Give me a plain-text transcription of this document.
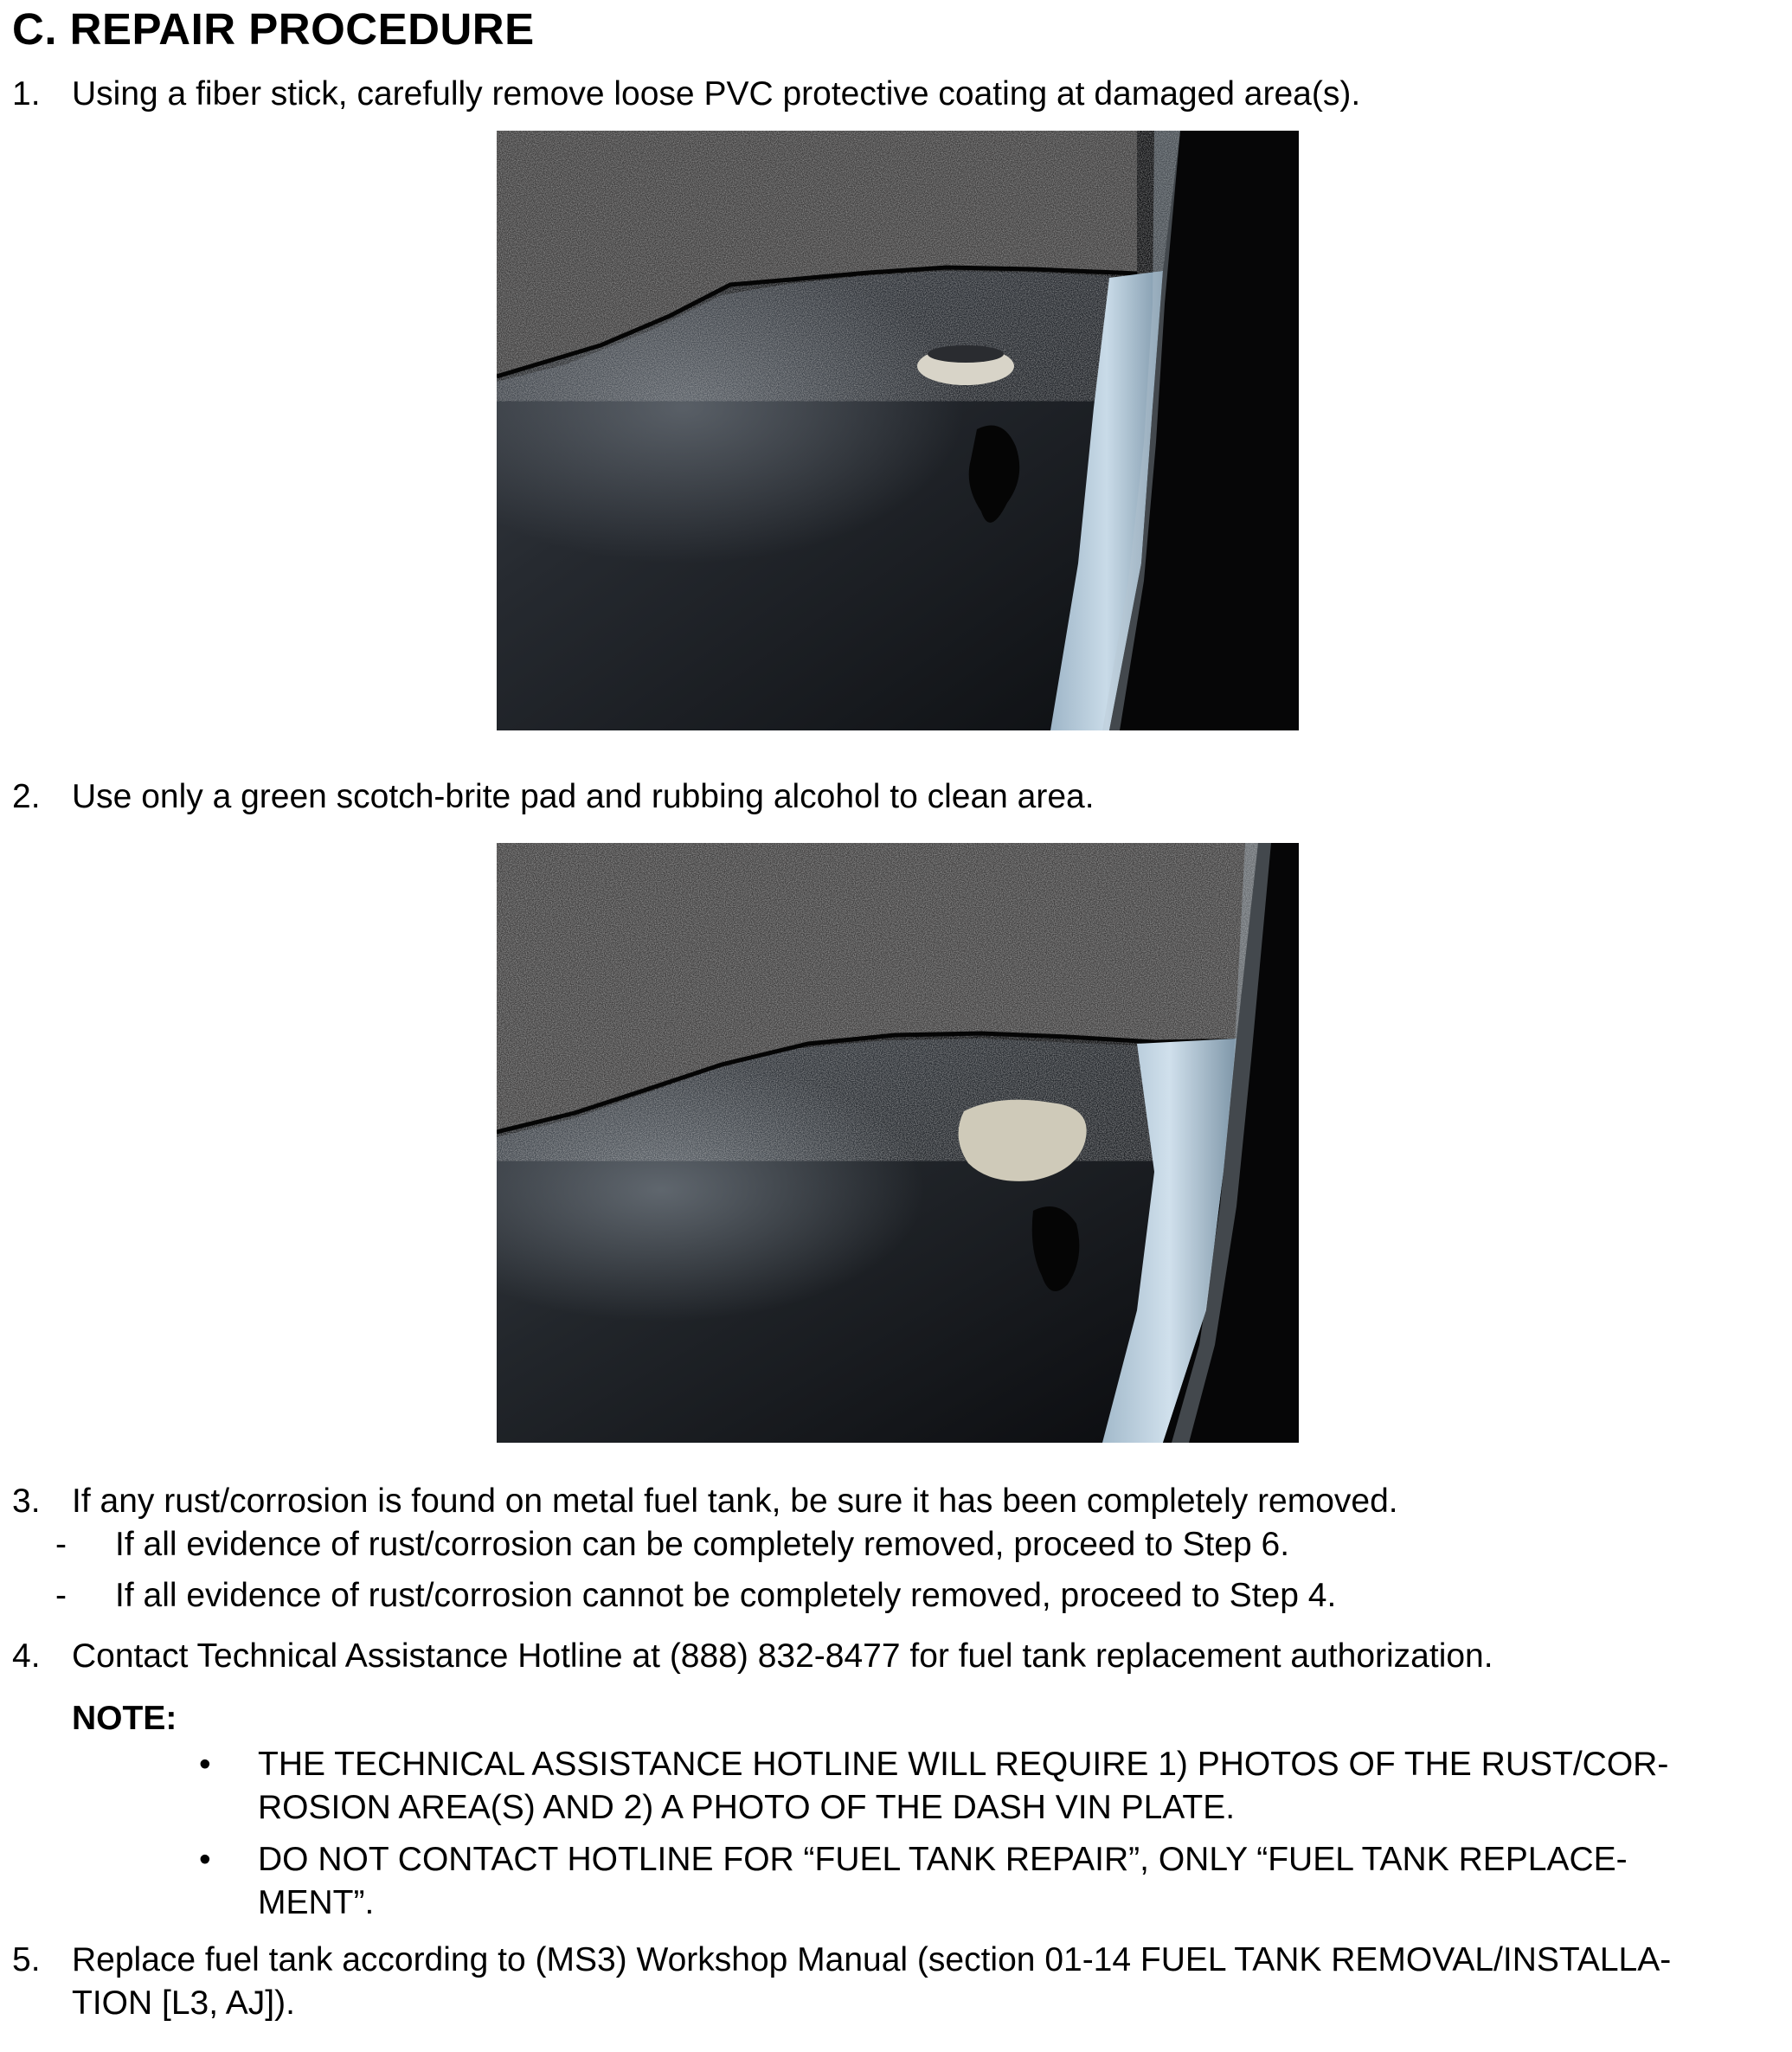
C. REPAIR PROCEDURE
1. Using a fiber stick, carefully remove loose PVC protective coating at damaged area(s).
2. Use only a green scotch-brite pad and rubbing alcohol to clean area.
3. If any rust/corrosion is found on metal fuel tank, be sure it has been completely removed.
- If all evidence of rust/corrosion can be completely removed, proceed to Step 6.
- If all evidence of rust/corrosion cannot be completely removed, proceed to Step 4.
4. Contact Technical Assistance Hotline at (888) 832-8477 for fuel tank replacement authorization.
NOTE:
• THE TECHNICAL ASSISTANCE HOTLINE WILL REQUIRE 1) PHOTOS OF THE RUST/COR-
ROSION AREA(S) AND 2) A PHOTO OF THE DASH VIN PLATE.
• DO NOT CONTACT HOTLINE FOR “FUEL TANK REPAIR”, ONLY “FUEL TANK REPLACE-
MENT”.
5. Replace fuel tank according to (MS3) Workshop Manual (section 01-14 FUEL TANK REMOVAL/INSTALLA-
TION [L3, AJ]).
